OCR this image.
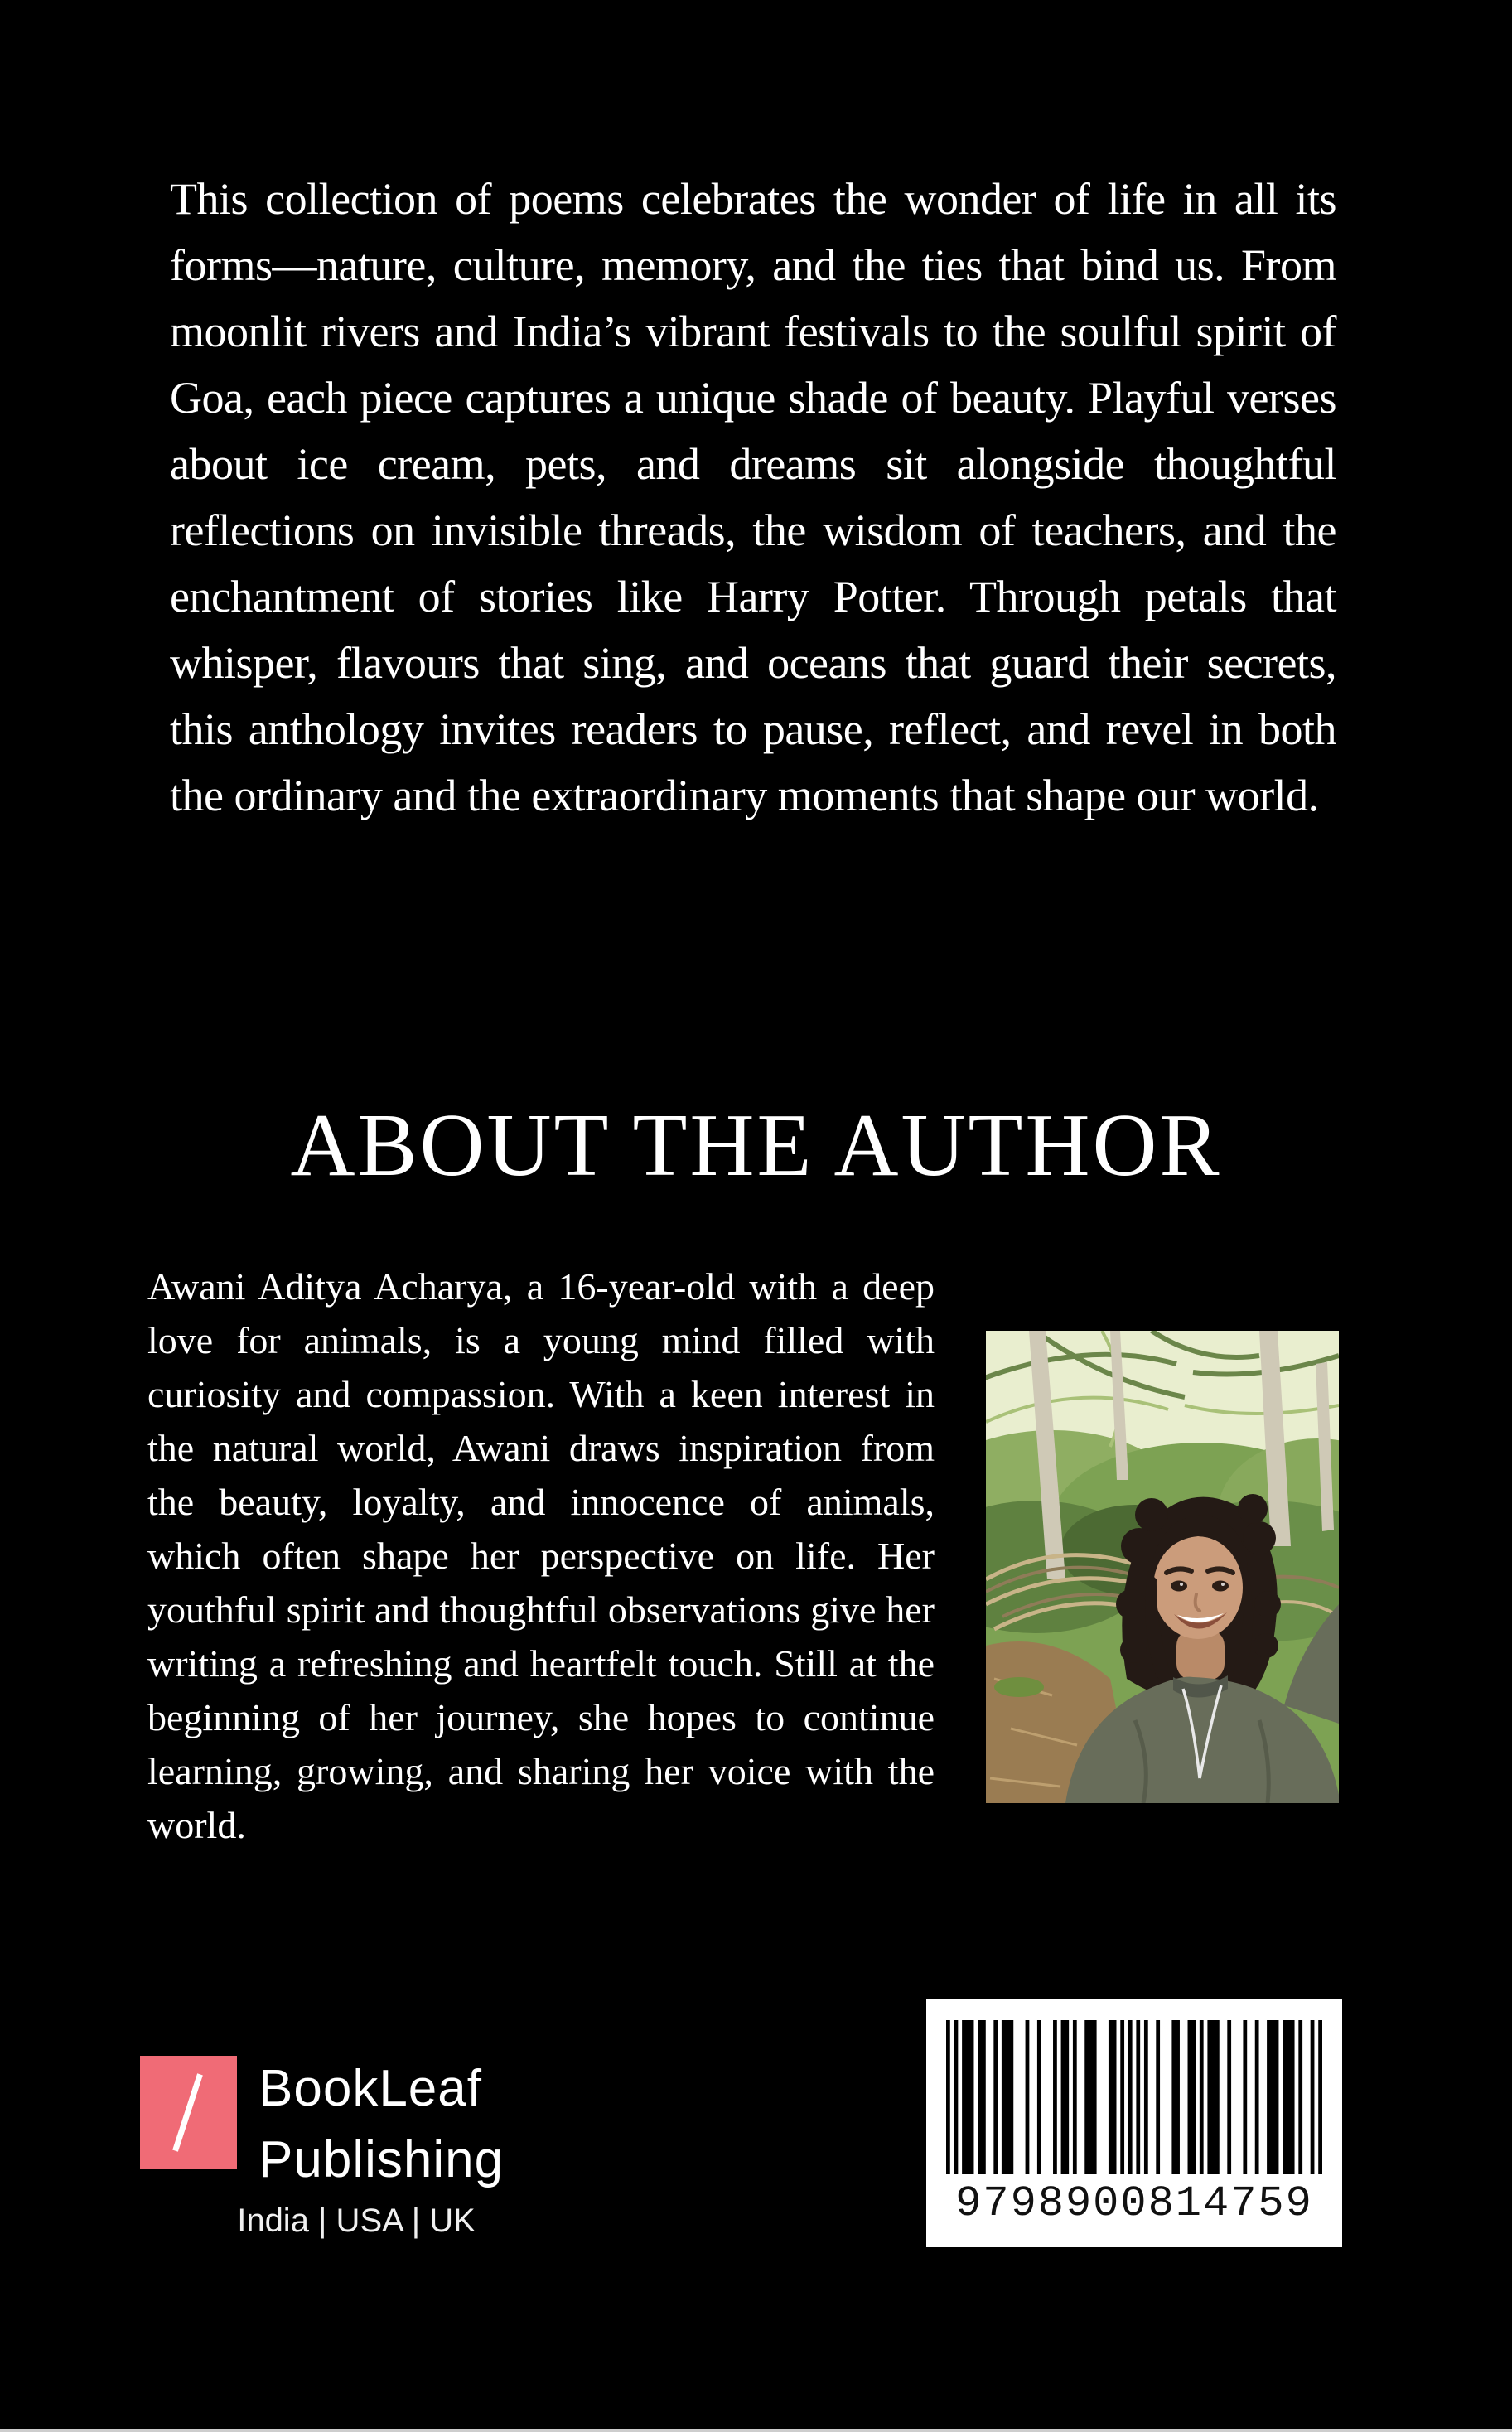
This collection of poems celebrates the wonder of life in all its forms—nature, culture, memory, and the ties that bind us. From moonlit rivers and India’s vibrant festivals to the soulful spirit of Goa, each piece captures a unique shade of beauty. Playful verses about ice cream, pets, and dreams sit alongside thoughtful reflections on invisible threads, the wisdom of teachers, and the enchantment of stories like Harry Potter. Through petals that whisper, flavours that sing, and oceans that guard their secrets, this anthology invites readers to pause, reflect, and revel in both the ordinary and the extraordinary moments that shape our world.

ABOUT THE AUTHOR

Awani Aditya Acharya, a 16-year-old with a deep love for animals, is a young mind filled with curiosity and compassion. With a keen interest in the natural world, Awani draws inspiration from the beauty, loyalty, and innocence of animals, which often shape her perspective on life. Her youthful spirit and thoughtful observations give her writing a refreshing and heartfelt touch. Still at the beginning of her journey, she hopes to continue learning, growing, and sharing her voice with the world.

BookLeaf
Publishing
India | USA | UK	9798900814759
